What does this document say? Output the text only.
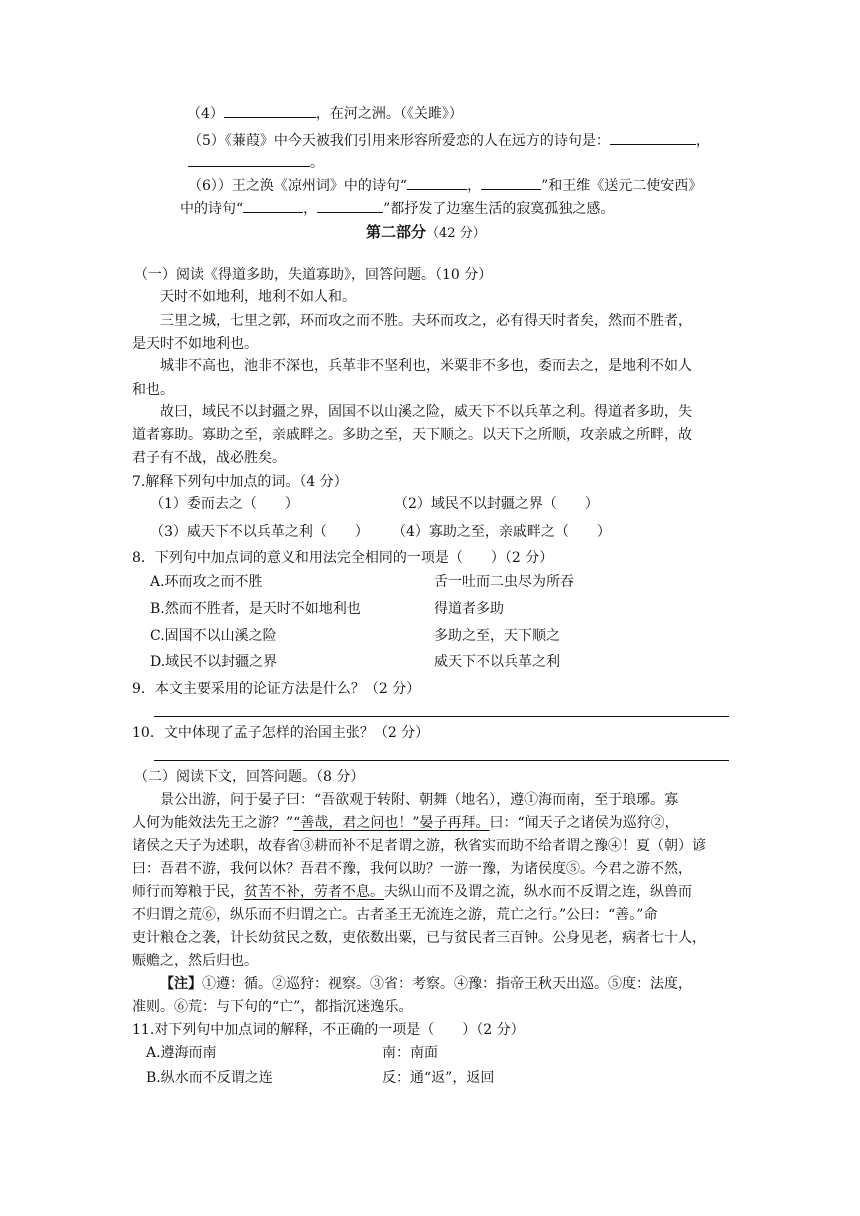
（4）	，在河之洲。（《关雎》）
（5）《蒹葭》中今天被我们引用来形容所爱恋的人在远方的诗句是：	，
。
（6））王之涣《凉州词》中的诗句“	，	”和王维《送元二使安西》
中的诗句“	，	”都抒发了边塞生活的寂寞孤独之感。
第二部分（42 分）
（一）阅读《得道多助，失道寡助》，回答问题。（10 分）
天时不如地利，地利不如人和。
三里之城，七里之郭，环而攻之而不胜。夫环而攻之，必有得天时者矣，然而不胜者，
是天时不如地利也。
城非不高也，池非不深也，兵革非不坚利也，米粟非不多也，委而去之，是地利不如人
和也。
故曰，域民不以封疆之界，固国不以山溪之险，威天下不以兵革之利。得道者多助，失
道者寡助。寡助之至，亲戚畔之。多助之至，天下顺之。以天下之所顺，攻亲戚之所畔，故
君子有不战，战必胜矣。
7.解释下列句中加点的词。（4 分）
（1）委而去之（　　）	（2）域民不以封疆之界（　　）
（3）威天下不以兵革之利（　　） （4）寡助之至，亲戚畔之（　　）
8．下列句中加点词的意义和用法完全相同的一项是（　　）（2 分）
A.环而攻之而不胜	舌一吐而二虫尽为所吞
B.然而不胜者，是天时不如地利也	得道者多助
C.固国不以山溪之险	多助之至，天下顺之
D.域民不以封疆之界	威天下不以兵革之利
9．本文主要采用的论证方法是什么？（2 分）
10．文中体现了孟子怎样的治国主张？（2 分）
（二）阅读下文，回答问题。（8 分）
景公出游，问于晏子曰：“吾欲观于转附、朝舞（地名），遵①海而南，至于琅琊。寡
人何为能效法先王之游？”“善哉，君之问也！”晏子再拜。曰：“闻天子之诸侯为巡狩②，
诸侯之天子为述职，故春省③耕而补不足者谓之游，秋省实而助不给者谓之豫④！夏（朝）谚
曰：吾君不游，我何以休？吾君不豫，我何以助？一游一豫，为诸侯度⑤。今君之游不然，
师行而筹粮于民，贫苦不补，劳者不息。夫纵山而不及谓之流，纵水而不反谓之连，纵兽而
不归谓之荒⑥，纵乐而不归谓之亡。古者圣王无流连之游，荒亡之行。”公曰：“善。”命
吏计粮仓之袭，计长幼贫民之数，吏依数出粟，已与贫民者三百钟。公身见老，病者七十人，
赈赡之，然后归也。
【注】①遵：循。②巡狩：视察。③省：考察。④豫：指帝王秋天出巡。⑤度：法度，
准则。⑥荒：与下句的“亡”，都指沉迷逸乐。
11.对下列句中加点词的解释，不正确的一项是（　　）（2 分）
A.遵海而南	南：南面
B.纵水而不反谓之连	反：通“返”，返回
